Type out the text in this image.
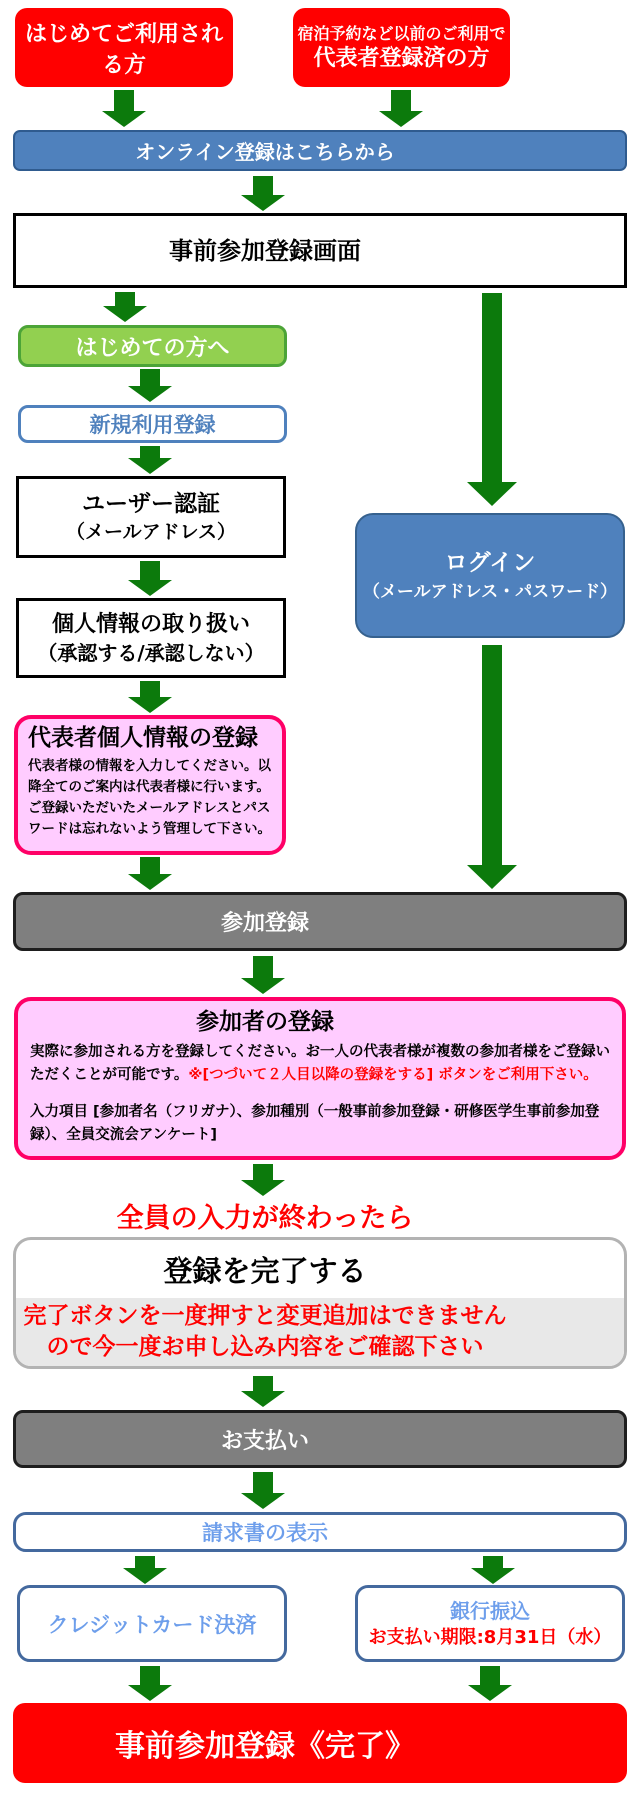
はじめてご利用される方
宿泊予約など以前のご利用で
代表者登録済の方
オンライン登録はこちらから
事前参加登録画面
はじめての方へ
新規利用登録
ユーザー認証
（メールアドレス）
個人情報の取り扱い
（承認する/承認しない）
代表者個人情報の登録
代表者様の情報を入力してください。以降全てのご案内は代表者様に行います。ご登録いただいたメールアドレスとパスワードは忘れないよう管理して下さい。
ログイン
（メールアドレス・パスワード）
参加登録
参加者の登録
実際に参加される方を登録してください。お一人の代表者様が複数の参加者様をご登録いただくことが可能です。※[つづいて２人目以降の登録をする] ボタンをご利用下さい。
入力項目 [参加者名（フリガナ）、参加種別（一般事前参加登録・研修医学生事前参加登録）、全員交流会アンケート]
全員の入力が終わったら
登録を完了する
完了ボタンを一度押すと変更追加はできません
ので今一度お申し込み内容をご確認下さい
お支払い
請求書の表示
クレジットカード決済
銀行振込
お支払い期限:8月31日（水）
事前参加登録《完了》
